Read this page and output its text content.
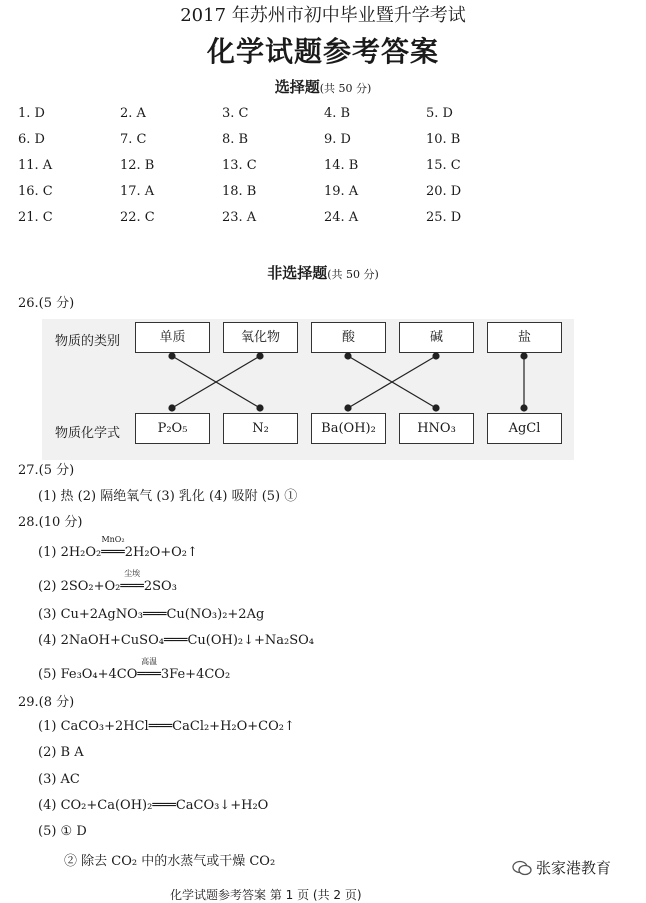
2017 年苏州市初中毕业暨升学考试
化学试题参考答案
选择题(共 50 分)
1. D	2. A	3. C	4. B	5. D
6. D	7. C	8. B	9. D	10. B
11. A	12. B	13. C	14. B	15. C
16. C	17. A	18. B	19. A	20. D
21. C	22. C	23. A	24. A	25. D
非选择题(共 50 分)
26.(5 分)
物质的类别
物质化学式
单质	氧化物	酸	碱	盐
P₂O₅	N₂	Ba(OH)₂	HNO₃	AgCl
27.(5 分)
(1) 热 (2) 隔绝氧气 (3) 乳化 (4) 吸附 (5) ①
28.(10 分)
(1) 2H₂O₂═══
MnO₂
2H₂O+O₂↑
(2) 2SO₂+O₂═══
尘埃
2SO₃
(3) Cu+2AgNO₃═══Cu(NO₃)₂+2Ag
(4) 2NaOH+CuSO₄═══Cu(OH)₂↓+Na₂SO₄
(5) Fe₃O₄+4CO═══
高温
3Fe+4CO₂
29.(8 分)
(1) CaCO₃+2HCl═══CaCl₂+H₂O+CO₂↑
(2) B A
(3) AC
(4) CO₂+Ca(OH)₂═══CaCO₃↓+H₂O
(5) ① D
② 除去 CO₂ 中的水蒸气或干燥 CO₂	张家港教育
化学试题参考答案 第 1 页 (共 2 页)
